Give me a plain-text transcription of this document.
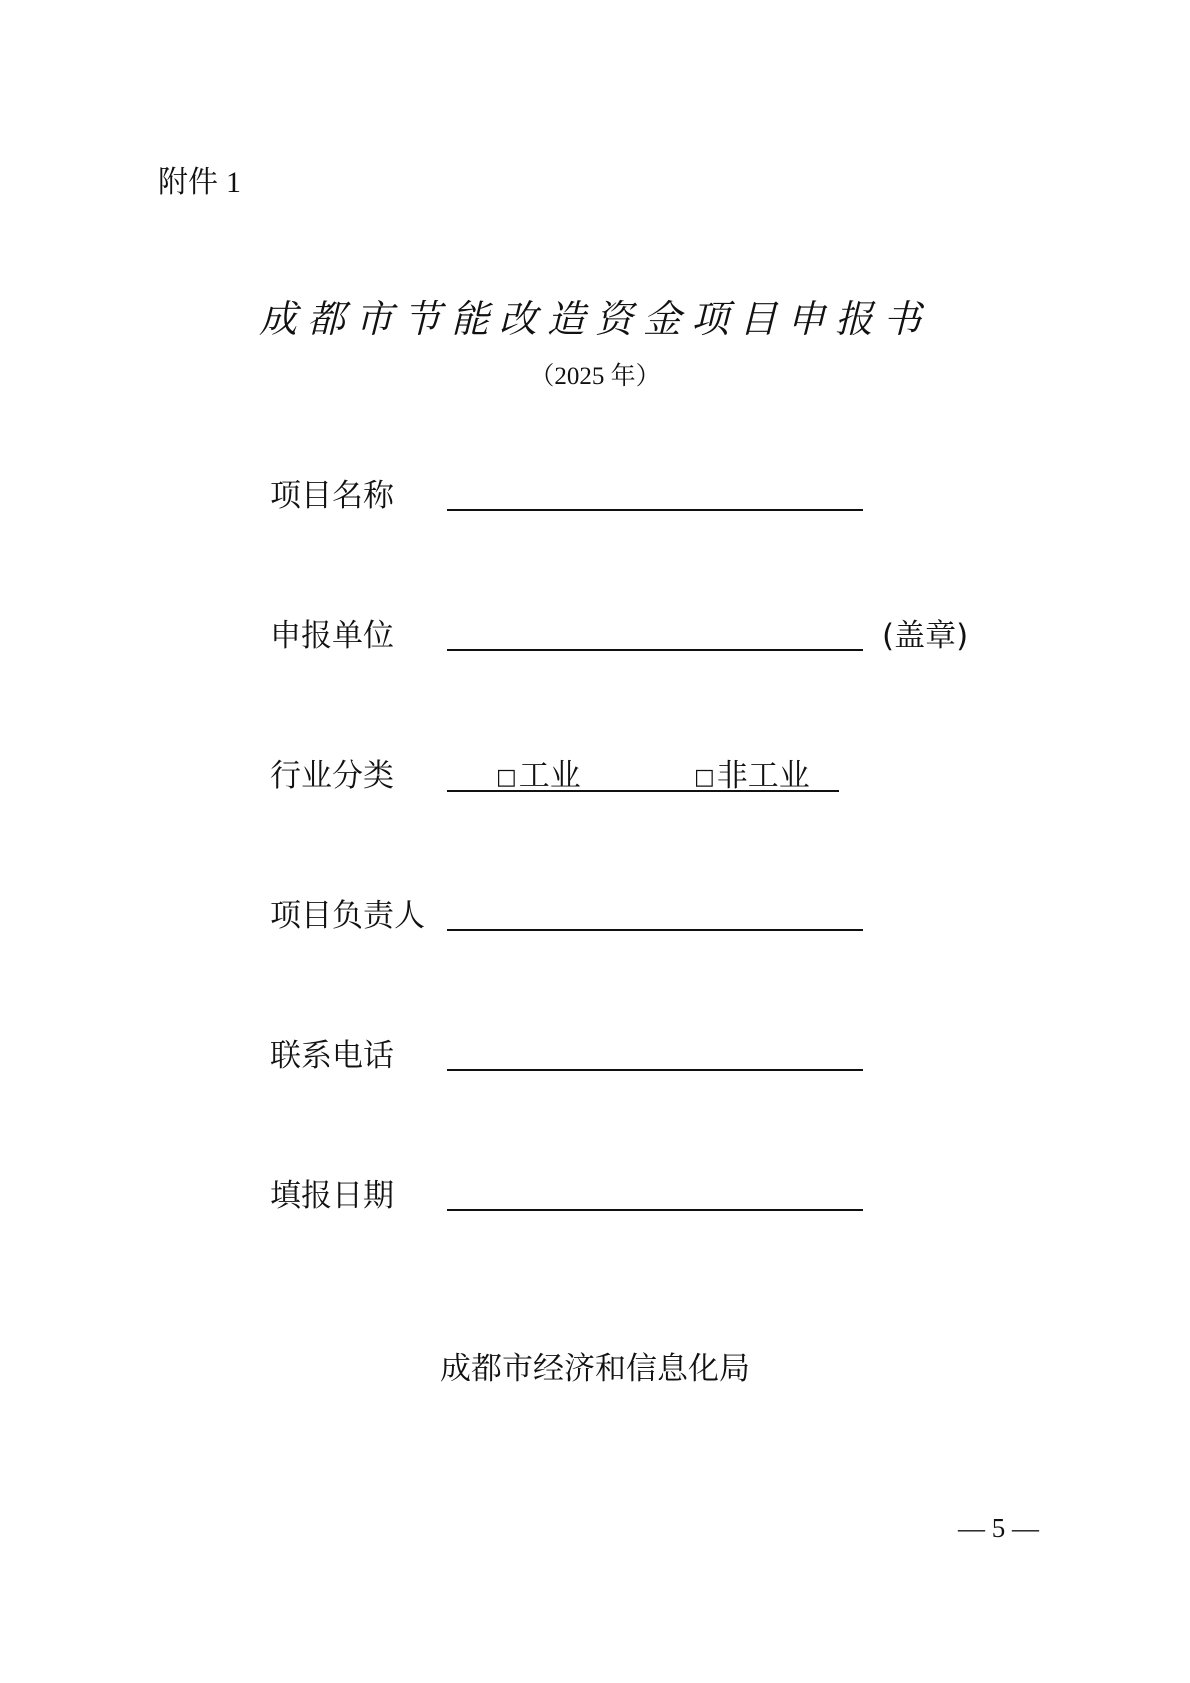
附件 1
成都市节能改造资金项目申报书
（2025 年）
项目名称
申报单位	(盖章)
行业分类	□ 工业	□ 非工业
项目负责人
联系电话
填报日期
成都市经济和信息化局
— 5 —
